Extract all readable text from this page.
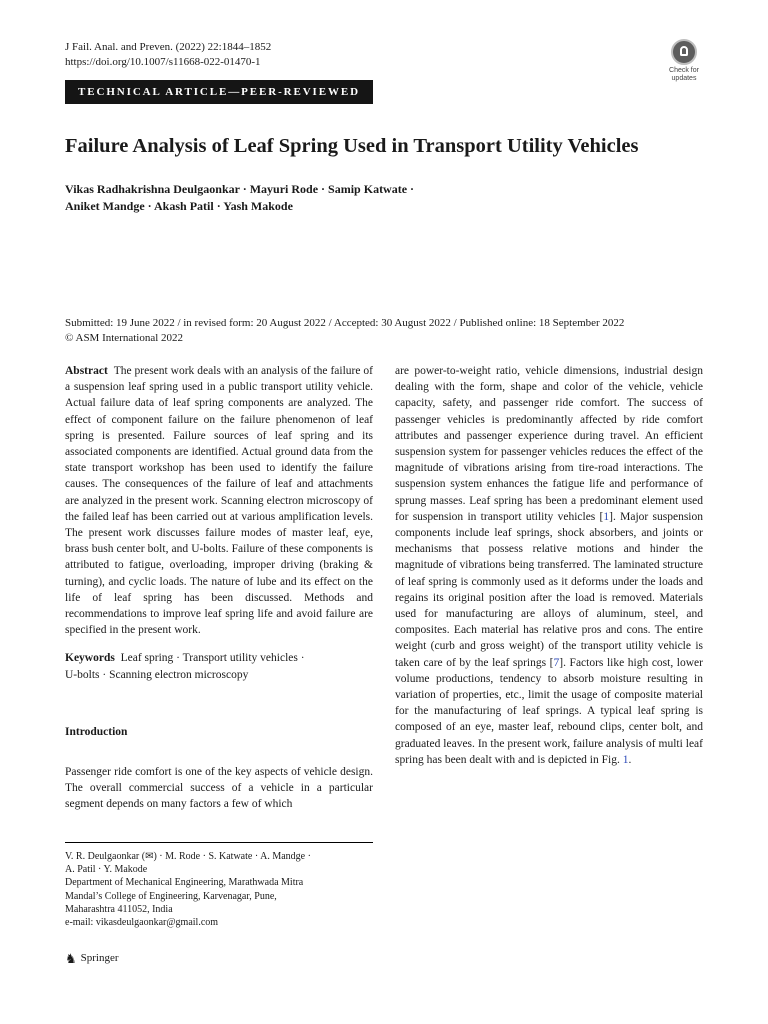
J Fail. Anal. and Preven. (2022) 22:1844–1852
https://doi.org/10.1007/s11668-022-01470-1
TECHNICAL ARTICLE—PEER-REVIEWED
Check for
updates
Failure Analysis of Leaf Spring Used in Transport Utility Vehicles
Vikas Radhakrishna Deulgaonkar · Mayuri Rode · Samip Katwate ·
Aniket Mandge · Akash Patil · Yash Makode
Submitted: 19 June 2022 / in revised form: 20 August 2022 / Accepted: 30 August 2022 / Published online: 18 September 2022
© ASM International 2022

Abstract The present work deals with an analysis of the failure of a suspension leaf spring used in a public transport utility vehicle. Actual failure data of leaf spring components are analyzed. The effect of component failure on the failure phenomenon of leaf spring is presented. Failure sources of leaf spring and its associated components are identified. Actual ground data from the state transport workshop has been used to identify the failure causes. The consequences of the failure of leaf and attachments are analyzed in the present work. Scanning electron microscopy of the failed leaf has been carried out at various amplification levels. The present work discusses failure modes of master leaf, eye, brass bush center bolt, and U-bolts. Failure of these components is attributed to fatigue, overloading, improper driving (braking & turning), and cyclic loads. The nature of lube and its effect on the life of leaf spring has been discussed. Methods and recommendations to improve leaf spring life and avoid failure are specified in the present work.

Keywords Leaf spring · Transport utility vehicles ·
U-bolts · Scanning electron microscopy
Introduction

Passenger ride comfort is one of the key aspects of vehicle design. The overall commercial success of a vehicle in a particular segment depends on many factors a few of which

are power-to-weight ratio, vehicle dimensions, industrial design dealing with the form, shape and color of the vehicle, vehicle capacity, safety, and passenger ride comfort. The success of passenger vehicles is predominantly affected by ride comfort attributes and passenger experience during travel. An efficient suspension system for passenger vehicles reduces the effect of the magnitude of vibrations arising from tire-road interactions. The suspension system enhances the fatigue life and performance of sprung masses. Leaf spring has been a predominant element used for suspension in transport utility vehicles [1]. Major suspension components include leaf springs, shock absorbers, and joints or mechanisms that possess relative motions and hinder the magnitude of vibrations being transferred. The laminated structure of leaf spring is commonly used as it deforms under the loads and regains its original position after the load is removed. Materials used for manufacturing are alloys of aluminum, steel, and composites. Each material has relative pros and cons. The entire weight (curb and gross weight) of the transport utility vehicle is taken care of by the leaf springs [7]. Factors like high cost, lower volume productions, tendency to absorb moisture resulting in variation of properties, etc., limit the usage of composite material for the manufacturing of leaf springs. A typical leaf spring is composed of an eye, master leaf, rebound clips, center bolt, and graduated leaves. In the present work, failure analysis of multi leaf spring has been dealt with and is depicted in Fig. 1.

V. R. Deulgaonkar (✉) · M. Rode · S. Katwate · A. Mandge ·
A. Patil · Y. Makode
Department of Mechanical Engineering, Marathwada Mitra
Mandal’s College of Engineering, Karvenagar, Pune,
Maharashtra 411052, India
e-mail: vikasdeulgaonkar@gmail.com
♞ Springer
